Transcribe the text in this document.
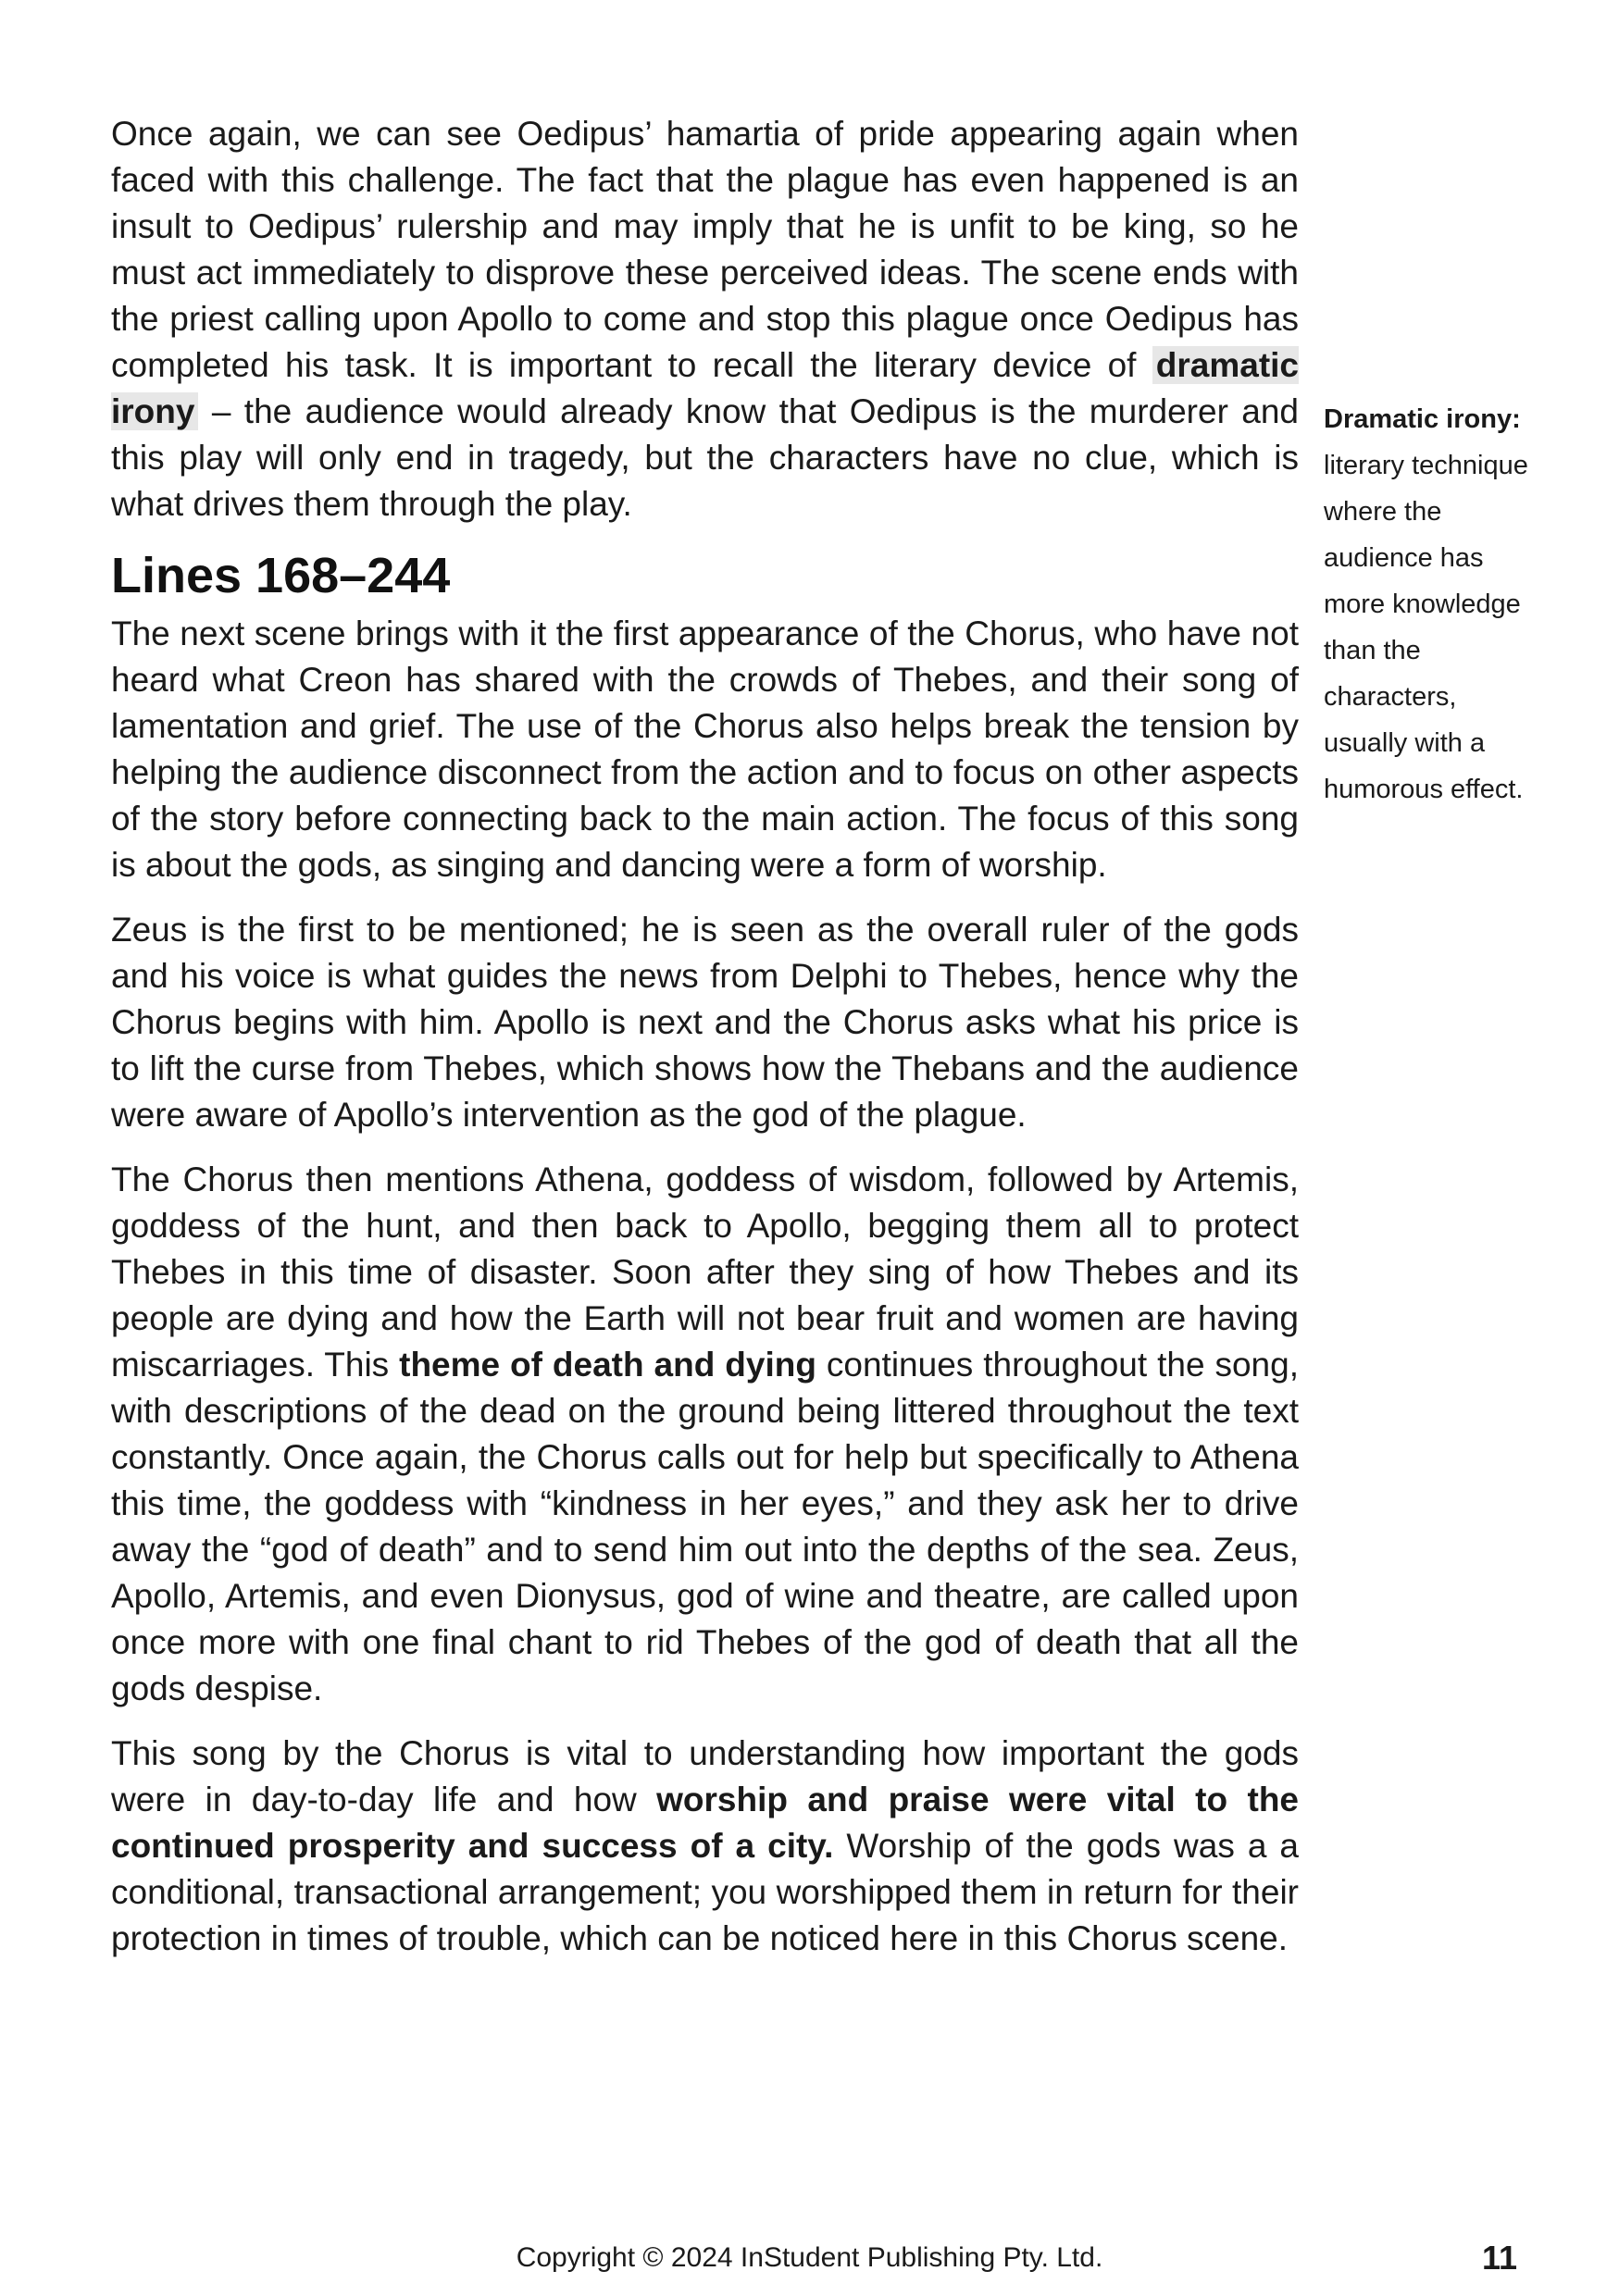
Once again, we can see Oedipus’ hamartia of pride appearing again when faced with this challenge. The fact that the plague has even happened is an insult to Oedipus’ rulership and may imply that he is unfit to be king, so he must act immediately to disprove these perceived ideas. The scene ends with the priest calling upon Apollo to come and stop this plague once Oedipus has completed his task. It is important to recall the literary device of dramatic irony – the audience would already know that Oedipus is the murderer and this play will only end in tragedy, but the characters have no clue, which is what drives them through the play.

Lines 168–244

The next scene brings with it the first appearance of the Chorus, who have not heard what Creon has shared with the crowds of Thebes, and their song of lamentation and grief. The use of the Chorus also helps break the tension by helping the audience disconnect from the action and to focus on other aspects of the story before connecting back to the main action. The focus of this song is about the gods, as singing and dancing were a form of worship.

Zeus is the first to be mentioned; he is seen as the overall ruler of the gods and his voice is what guides the news from Delphi to Thebes, hence why the Chorus begins with him. Apollo is next and the Chorus asks what his price is to lift the curse from Thebes, which shows how the Thebans and the audience were aware of Apollo’s intervention as the god of the plague.

The Chorus then mentions Athena, goddess of wisdom, followed by Artemis, goddess of the hunt, and then back to Apollo, begging them all to protect Thebes in this time of disaster. Soon after they sing of how Thebes and its people are dying and how the Earth will not bear fruit and women are having miscarriages. This theme of death and dying continues throughout the song, with descriptions of the dead on the ground being littered throughout the text constantly. Once again, the Chorus calls out for help but specifically to Athena this time, the goddess with “kindness in her eyes,” and they ask her to drive away the “god of death” and to send him out into the depths of the sea. Zeus, Apollo, Artemis, and even Dionysus, god of wine and theatre, are called upon once more with one final chant to rid Thebes of the god of death that all the gods despise.

This song by the Chorus is vital to understanding how important the gods were in day-to-day life and how worship and praise were vital to the continued prosperity and success of a city. Worship of the gods was a a conditional, transactional arrangement; you worshipped them in return for their protection in times of trouble, which can be noticed here in this Chorus scene.

Dramatic irony: literary technique where the audience has more knowledge than the characters, usually with a humorous effect.
Copyright © 2024 InStudent Publishing Pty. Ltd.	11
